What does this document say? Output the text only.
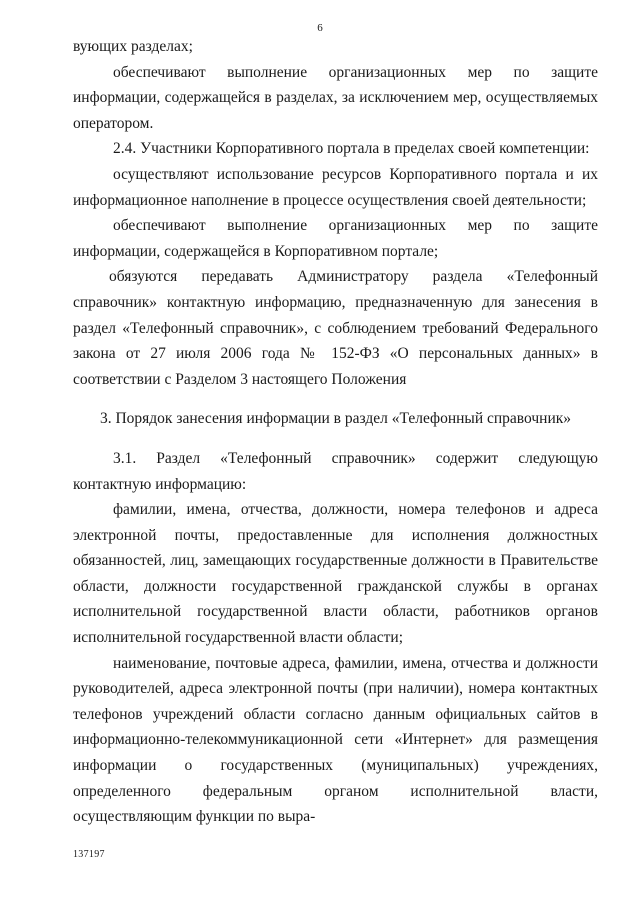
6

вующих разделах;

обеспечивают выполнение организационных мер по защите информации, содержащейся в разделах, за исключением мер, осуществляемых оператором.

2.4. Участники Корпоративного портала в пределах своей компетенции:

осуществляют использование ресурсов Корпоративного портала и их информационное наполнение в процессе осуществления своей деятельности;

обеспечивают выполнение организационных мер по защите информации, содержащейся в Корпоративном портале;

обязуются передавать Администратору раздела «Телефонный справочник» контактную информацию, предназначенную для занесения в раздел «Телефонный справочник», с соблюдением требований Федерального закона от 27 июля 2006 года № 152-ФЗ «О персональных данных» в соответствии с Разделом 3 настоящего Положения

3. Порядок занесения информации в раздел «Телефонный справочник»

3.1. Раздел «Телефонный справочник» содержит следующую контактную информацию:

фамилии, имена, отчества, должности, номера телефонов и адреса электронной почты, предоставленные для исполнения должностных обязанностей, лиц, замещающих государственные должности в Правительстве области, должности государственной гражданской службы в органах исполнительной государственной власти области, работников органов исполнительной государственной власти области;

наименование, почтовые адреса, фамилии, имена, отчества и должности руководителей, адреса электронной почты (при наличии), номера контактных телефонов учреждений области согласно данным официальных сайтов в информационно-телекоммуникационной сети «Интернет» для размещения информации о государственных (муниципальных) учреждениях, определенного федеральным органом исполнительной власти, осуществляющим функции по выра-

137197
